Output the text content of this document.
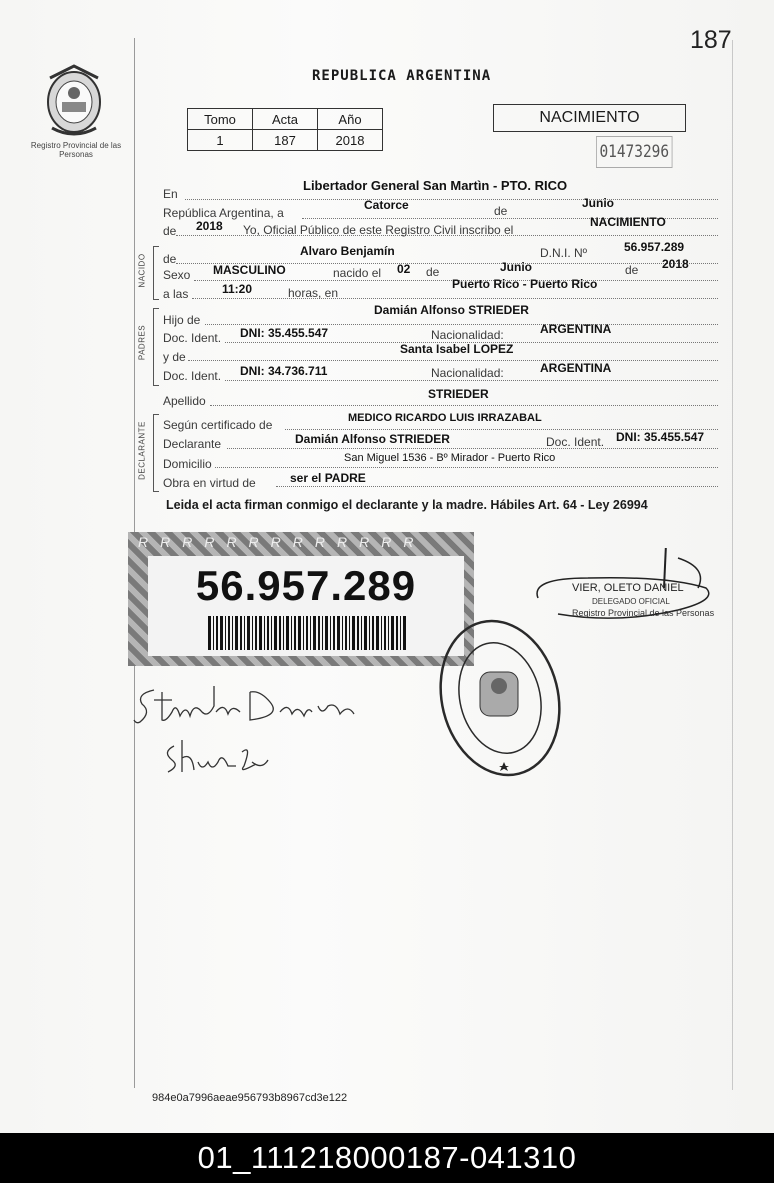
187
Registro Provincial de las Personas
REPUBLICA ARGENTINA
Tomo	Acta	Año
1	187	2018
NACIMIENTO
01473296
En
Libertador General San Martìn - PTO. RICO
República Argentina, a
Catorce	de
Junio
de 2018 Yo, Oficial Público de este Registro Civil inscribo el
NACIMIENTO
NACIDO de
Alvaro Benjamín	D.N.I. Nº	56.957.289
Sexo MASCULINO	nacido el 02 de	Junio	de 2018
a las	11:20	horas, en
Puerto Rico - Puerto Rico
PADRES
Hijo de
Damián Alfonso STRIEDER
Doc. Ident. DNI: 35.455.547	Nacionalidad:	ARGENTINA
y de
Santa Isabel LOPEZ
Doc. Ident. DNI: 34.736.711	Nacionalidad:	ARGENTINA
Apellido	STRIEDER
DECLARANTE Según certificado de	MEDICO RICARDO LUIS IRRAZABAL
Declarante	Damián Alfonso STRIEDER	Doc. Ident. DNI: 35.455.547
Domicilio	San Miguel 1536 - Bº Mirador - Puerto Rico
Obra en virtud de	ser el PADRE
Leida el acta firman conmigo el declarante y la madre. Hábiles Art. 64 - Ley 26994
RRRRRRRRRRRRR
56.957.289	VIER, OLETO DANIEL
DELEGADO OFICIAL
Registro Provincial de las Personas
984e0a7996aeae956793b8967cd3e122
01_111218000187-041310
